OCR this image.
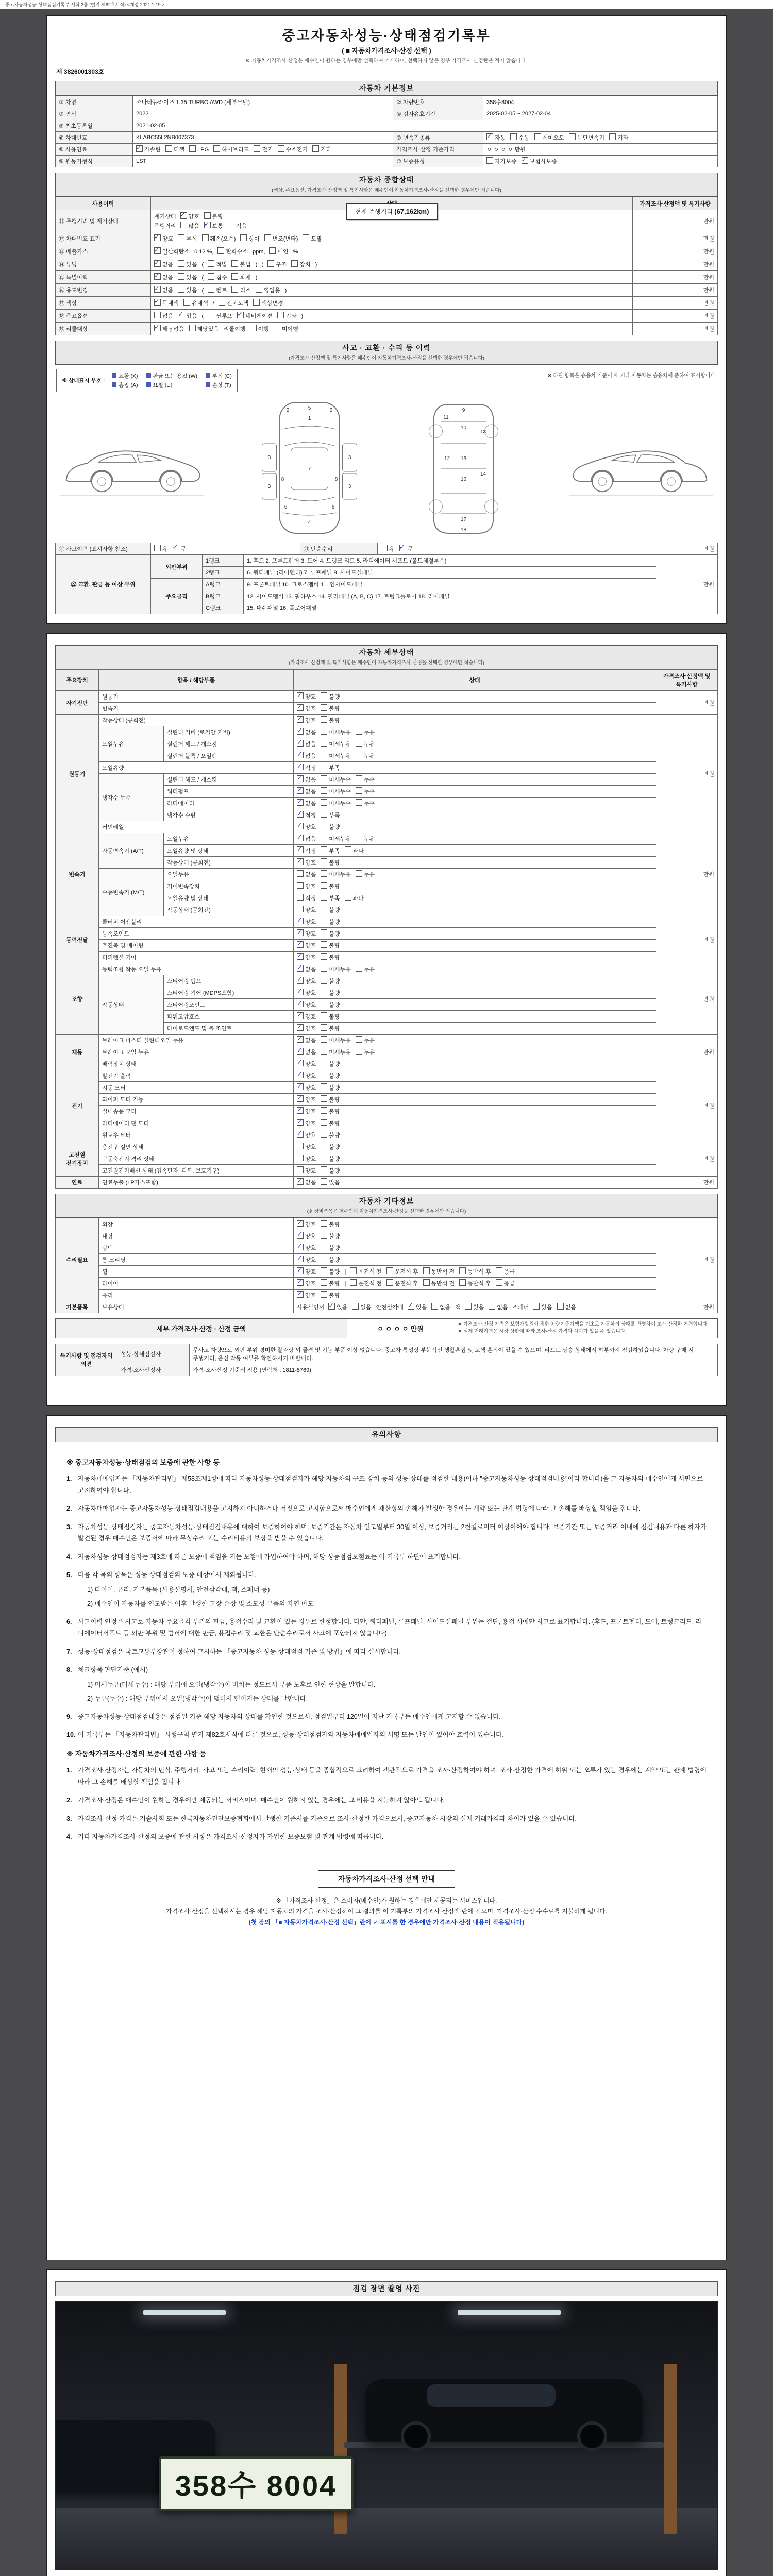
중고자동차성능·상태점검기록부 서식 2종 (별지 제82호서식) <개정 2021.1.19.>
중고자동차성능·상태점검기록부
( ■ 자동차가격조사·산정 선택 )
※ 자동차가격조사·산정은 매수인이 원하는 경우에만 선택하여 기재하며, 선택하지 않은 경우 가격조사·산정란은 적지 않습니다.
제 3826001303호
자동차 기본정보
① 차명	쏘나타뉴라이즈 1.35 TURBO AWD (세부모델)	② 차량번호	358수8004
③ 연식	2022	④ 검사유효기간	2025-02-05 ~ 2027-02-04
⑤ 최초등록일	2021-02-05		
⑥ 차대번호	KLABC55L2NB007373	⑦ 변속기종류	✓자동 수동 세미오토 무단변속기 기타
⑧ 사용연료	✓가솔린 디젤 LPG 하이브리드 전기 수소전기 기타	가격조사·산정 기준가격	ㅇ ㅇ ㅇ ㅇ 만원
⑨ 원동기형식	LST	⑩ 보증유형	자가보증 ✓ 보험사보증
자동차 종합상태
(색상, 주요옵션, 가격조사·산정액 및 특기사항은 매수인이 자동차가격조사·산정을 선택한 경우에만 적습니다)
현재 주행거리 (67,162km)
사용이력		가격조사·산정액 및 특기사항
⑪ 주행거리 및 계기상태	계기상태 ✓ 양호 불량
주행거리 많음 ✓ 보통 적음	만원
⑫ 차대번호 표기	
✓양호 부식 훼손(오손) 상이 변조(변타) 도말	만원
⑬ 배출가스	
✓일산화탄소 0.12 %, 탄화수소 ppm, 매연 %	만원
⑭ 튜닝	
✓없음 있음 ( 적법 불법 ) ( 구조 장치 )	만원
⑮ 특별이력	
✓없음 있음 ( 침수 화재 )	만원
⑯ 용도변경	
✓없음 있음 ( 렌트 리스 영업용 )	만원
⑰ 색상	
✓무채색 유채색 / 전체도색 색상변경	만원
⑱ 주요옵션	없음 ✓ 있음 ( 썬루프 ✓ 네비게이션 기타 )	만원
⑲ 리콜대상	
✓해당없음 해당있음 리콜이행 이행 미이행	만원
사고 · 교환 · 수리 등 이력
(가격조사·산정액 및 특기사항은 매수인이 자동차가격조사·산정을 선택한 경우에만 적습니다)
※ 상태표시 부호 :
교환 (X)	판금 또는 용접 (W)	부식 (C)
흠집 (A)	요철 (U)	손상 (T)
※ 하단 항목은 승용차 기준이며, 기타 자동차는 승용차에 준하여 표시합니다.
1
2	2
3	3
3	3
4
5
6	6
7
8	8
9
10
11
12
13
14
15
16
17
18
⑳ 사고이력 (표시사항 참조)	유 ✓ 무	㉑ 단순수리	유 ✓ 무	만원
㉒ 교환, 판금 등 이상 부위	외판부위	1랭크	1. 후드 2. 프론트펜더 3. 도어 4. 트렁크 리드 5. 라디에이터 서포트 (볼트체결부품)	만원
		2랭크	6. 쿼터패널 (리어펜더) 7. 루프패널 8. 사이드실패널	
	주요골격	A랭크	9. 프론트패널 10. 크로스멤버 11. 인사이드패널	
		B랭크	12. 사이드멤버 13. 휠하우스 14. 필러패널 (A, B, C) 17. 트렁크플로어 18. 리어패널	
		C랭크	15. 대쉬패널 16. 플로어패널	
자동차 세부상태
(가격조사·산정액 및 특기사항은 매수인이 자동차가격조사·산정을 선택한 경우에만 적습니다)
주요장치	항목 / 해당부품		상태	가격조사·산정액 및 특기사항
자기진단	원동기	✓양호 불량	만원
	변속기	✓양호 불량
원동기	작동상태 (공회전)	✓양호 불량	만원
	오일누유	실린더 커버 (로커암 커버)	✓없음 미세누유 누유
		실린더 헤드 / 개스킷	✓없음 미세누유 누유
		실린더 블록 / 오일팬	✓없음 미세누유 누유
	오일유량	✓적정 부족
	냉각수 누수	실린더 헤드 / 개스킷	✓없음 미세누수 누수
		워터펌프	✓없음 미세누수 누수
		라디에이터	✓없음 미세누수 누수
		냉각수 수량	✓적정 부족
	커먼레일	✓양호 불량
변속기	자동변속기 (A/T)	오일누유	✓없음 미세누유 누유	만원
		오일유량 및 상태	✓적정 부족 과다
		작동상태 (공회전)	✓양호 불량
	수동변속기 (M/T)	오일누유	없음 미세누유 누유	
		기어변속장치	양호 불량	
		오일유량 및 상태	적정 부족 과다	
		작동상태 (공회전)	양호 불량	
동력전달	클러치 어셈블리	✓양호 불량	만원
	등속조인트	✓양호 불량
	추진축 및 베어링	✓양호 불량
	디퍼렌셜 기어	✓양호 불량
조향	동력조향 작동 오일 누유	✓없음 미세누유 누유	만원
	작동상태	스티어링 펌프	✓양호 불량
		스티어링 기어 (MDPS포함)	✓양호 불량
		스티어링조인트	✓양호 불량
		파워고압호스	✓양호 불량
		타이로드엔드 및 볼 조인트	✓양호 불량
제동	브레이크 마스터 실린더오일 누유	✓없음 미세누유 누유	만원
	브레이크 오일 누유	✓없음 미세누유 누유
	배력장치 상태	✓양호 불량
전기	발전기 출력	✓양호 불량	만원
	시동 모터	✓양호 불량
	와이퍼 모터 기능	✓양호 불량
	실내송풍 모터	✓양호 불량
	라디에이터 팬 모터	✓양호 불량
	윈도우 모터	✓양호 불량
고전원 전기장치	충전구 절연 상태		양호 불량	만원
	구동축전지 격리 상태		양호 불량	
	고전원전기배선 상태 (접속단자, 피복, 보호기구)		양호 불량	
연료	연료누출 (LP가스포함)	✓없음 있음	만원
자동차 기타정보
(※ 장비품목은 매수인이 자동차가격조사·산정을 선택한 경우에만 적습니다)
수리필요	외장	✓양호 불량	만원
	내장	✓양호 불량
	광택	✓양호 불량
	룸 크리닝	✓양호 불량
	휠	✓양호 불량 | 운전석 전 운전석 후 동반석 전 동반석 후 응급
	타이어	✓양호 불량 | 운전석 전 운전석 후 동반석 전 동반석 후 응급
	유리	✓양호 불량
기본품목	보유상태	사용설명서 ✓ 있음 없음 안전삼각대 ✓ 있음 없음 잭 있음 없음 스패너 있음 없음	만원
세부 가격조사·산정 · 산정 금액	ㅇ ㅇ ㅇ ㅇ 만원
※ 가격조사·산정 가격은 보험개발원이 정한 차량기준가액을 기초로 자동차의 상태를 반영하여 조사·산정한 가격입니다.
※ 실제 거래가격은 시장 상황에 따라 조사·산정 가격과 차이가 있을 수 있습니다.
특기사항 및 점검자의 의견	성능·상태점검자	무사고 차량으로 외판 부위 경미한 찰과상 외 골격 및 기능 부품 이상 없습니다. 중고차 특성상 부분적인 생활흠집 및 도색 흔적이 있을 수 있으며, 리프트 상승 상태에서 하부까지 점검하였습니다. 차량 구매 시 주행거리, 옵션 작동 여부를 확인하시기 바랍니다.
	가격·조사산정자	가격·조사산정 기준서 적용 (연락처 : 1811-8769)
유의사항
※ 중고자동차성능·상태점검의 보증에 관한 사항 등
1. 자동차매매업자는 「자동차관리법」 제58조제1항에 따라 자동차성능·상태점검자가 해당 자동차의 구조·장치 등의 성능·상태를 점검한 내용(이하 "중고자동차성능·상태점검내용"이라 합니다)을 그 자동차의 매수인에게 서면으로 고지하여야 합니다.
2. 자동차매매업자는 중고자동차성능·상태점검내용을 고지하지 아니하거나 거짓으로 고지함으로써 매수인에게 재산상의 손해가 발생한 경우에는 계약 또는 관계 법령에 따라 그 손해를 배상할 책임을 집니다.
3. 자동차성능·상태점검자는 중고자동차성능·상태점검내용에 대하여 보증하여야 하며, 보증기간은 자동차 인도일부터 30일 이상, 보증거리는 2천킬로미터 이상이어야 합니다. 보증기간 또는 보증거리 이내에 점검내용과 다른 하자가 발견된 경우 매수인은 보증서에 따라 무상수리 또는 수리비용의 보상을 받을 수 있습니다.
4. 자동차성능·상태점검자는 제3호에 따른 보증에 책임을 지는 보험에 가입하여야 하며, 해당 성능점검보험료는 이 기록부 하단에 표기합니다.
5. 다음 각 목의 항목은 성능·상태점검의 보증 대상에서 제외됩니다.
1) 타이어, 유리, 기본품목 (사용설명서, 안전삼각대, 잭, 스패너 등)
2) 매수인이 자동차를 인도받은 이후 발생한 고장·손상 및 소모성 부품의 자연 마모
6. 사고이력 인정은 사고로 자동차 주요골격 부위의 판금, 용접수리 및 교환이 있는 경우로 한정합니다. 다만, 쿼터패널, 루프패널, 사이드실패널 부위는 절단, 용접 시에만 사고로 표기합니다. (후드, 프론트펜더, 도어, 트렁크리드, 라디에이터서포트 등 외판 부위 및 범퍼에 대한 판금, 용접수리 및 교환은 단순수리로서 사고에 포함되지 않습니다)
7. 성능·상태점검은 국토교통부장관이 정하여 고시하는 「중고자동차 성능·상태점검 기준 및 방법」에 따라 실시합니다.
8. 체크항목 판단기준 (예시)
1) 미세누유(미세누수) : 해당 부위에 오일(냉각수)이 비치는 정도로서 부품 노후로 인한 현상을 말합니다.
2) 누유(누수) : 해당 부위에서 오일(냉각수)이 맺혀서 떨어지는 상태를 말합니다.
9. 중고자동차성능·상태점검내용은 점검일 기준 해당 자동차의 상태를 확인한 것으로서, 점검일부터 120일이 지난 기록부는 매수인에게 고지할 수 없습니다.
10. 이 기록부는 「자동차관리법」 시행규칙 별지 제82호서식에 따른 것으로, 성능·상태점검자와 자동차매매업자의 서명 또는 날인이 있어야 효력이 있습니다.
※ 자동차가격조사·산정의 보증에 관한 사항 등
1. 가격조사·산정자는 자동차의 년식, 주행거리, 사고 또는 수리이력, 현재의 성능·상태 등을 종합적으로 고려하여 객관적으로 가격을 조사·산정하여야 하며, 조사·산정한 가격에 허위 또는 오류가 있는 경우에는 계약 또는 관계 법령에 따라 그 손해를 배상할 책임을 집니다.
2. 가격조사·산정은 매수인이 원하는 경우에만 제공되는 서비스이며, 매수인이 원하지 않는 경우에는 그 비용을 지불하지 않아도 됩니다.
3. 가격조사·산정 가격은 기술사회 또는 한국자동차진단보증협회에서 발행한 기준서를 기준으로 조사·산정한 가격으로서, 중고자동차 시장의 실제 거래가격과 차이가 있을 수 있습니다.
4. 기타 자동차가격조사·산정의 보증에 관한 사항은 가격조사·산정자가 가입한 보증보험 및 관계 법령에 따릅니다.
자동차가격조사·산정 선택 안내
※ 「가격조사·산정」은 소비자(매수인)가 원하는 경우에만 제공되는 서비스입니다.
가격조사·산정을 선택하시는 경우 해당 자동차의 가격을 조사·산정하여 그 결과를 이 기록부의 가격조사·산정액 란에 적으며, 가격조사·산정 수수료를 지불하게 됩니다.
(첫 장의 「■ 자동차가격조사·산정 선택」란에 ✓ 표시를 한 경우에만 가격조사·산정 내용이 적용됩니다)
점검 장면 촬영 사진
358수 8004
